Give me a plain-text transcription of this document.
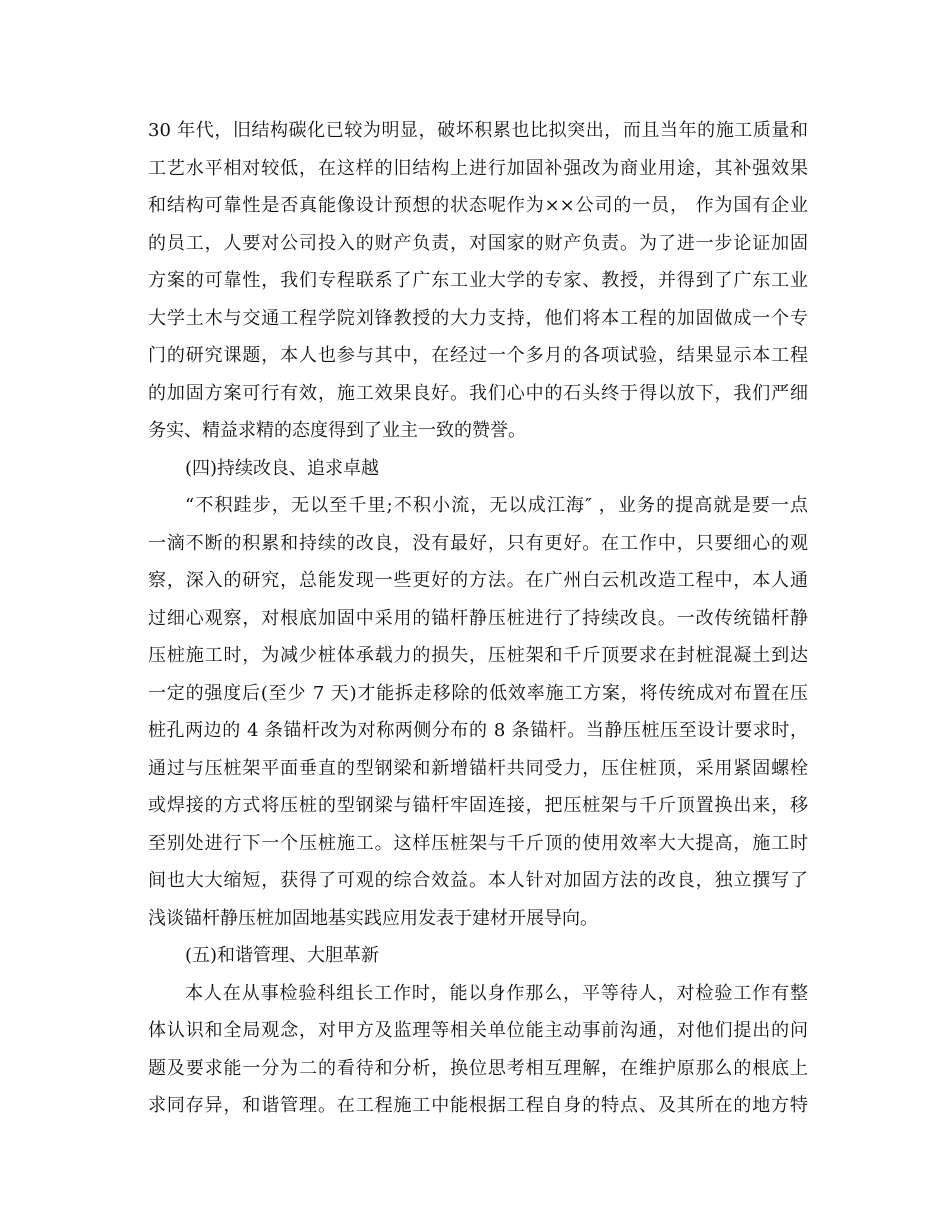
30 年代，旧结构碳化已较为明显，破坏积累也比拟突出，而且当年的施工质量和
工艺水平相对较低，在这样的旧结构上进行加固补强改为商业用途，其补强效果
和结构可靠性是否真能像设计预想的状态呢作为××公司的一员， 作为国有企业
的员工，人要对公司投入的财产负责，对国家的财产负责。为了进一步论证加固
方案的可靠性，我们专程联系了广东工业大学的专家、教授，并得到了广东工业
大学土木与交通工程学院刘锋教授的大力支持，他们将本工程的加固做成一个专
门的研究课题，本人也参与其中，在经过一个多月的各项试验，结果显示本工程
的加固方案可行有效，施工效果良好。我们心中的石头终于得以放下，我们严细
务实、精益求精的态度得到了业主一致的赞誉。
(四)持续改良、追求卓越
“不积跬步，无以至千里;不积小流，无以成江海″ ，业务的提高就是要一点
一滴不断的积累和持续的改良，没有最好，只有更好。在工作中，只要细心的观
察，深入的研究，总能发现一些更好的方法。在广州白云机改造工程中，本人通
过细心观察，对根底加固中采用的锚杆静压桩进行了持续改良。一改传统锚杆静
压桩施工时，为减少桩体承载力的损失，压桩架和千斤顶要求在封桩混凝土到达
一定的强度后(至少 7 天)才能拆走移除的低效率施工方案，将传统成对布置在压
桩孔两边的 4 条锚杆改为对称两侧分布的 8 条锚杆。当静压桩压至设计要求时，
通过与压桩架平面垂直的型钢梁和新增锚杆共同受力，压住桩顶，采用紧固螺栓
或焊接的方式将压桩的型钢梁与锚杆牢固连接，把压桩架与千斤顶置换出来，移
至别处进行下一个压桩施工。这样压桩架与千斤顶的使用效率大大提高，施工时
间也大大缩短，获得了可观的综合效益。本人针对加固方法的改良，独立撰写了
浅谈锚杆静压桩加固地基实践应用发表于建材开展导向。
(五)和谐管理、大胆革新
本人在从事检验科组长工作时，能以身作那么，平等待人，对检验工作有整
体认识和全局观念，对甲方及监理等相关单位能主动事前沟通，对他们提出的问
题及要求能一分为二的看待和分析，换位思考相互理解，在维护原那么的根底上
求同存异，和谐管理。在工程施工中能根据工程自身的特点、及其所在的地方特
